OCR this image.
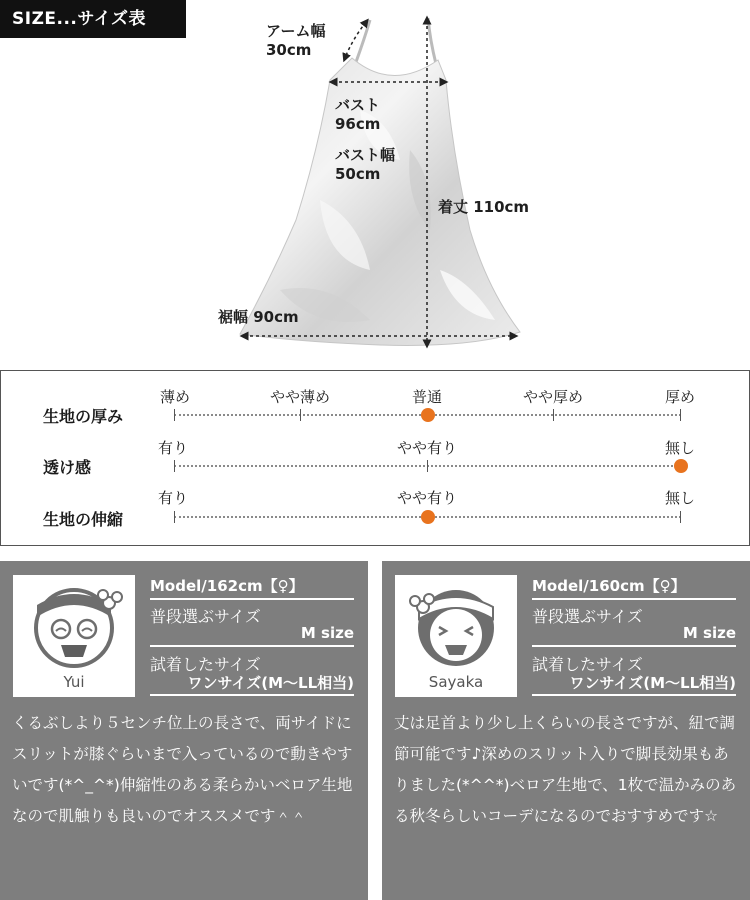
SIZE...サイズ表
アーム幅
30cm
バスト
96cm
バスト幅
50cm
着丈 110cm
裾幅 90cm
生地の厚み
薄め	やや薄め	普通	やや厚め	厚め
透け感
有り	やや有り	無し
生地の伸縮
有り	やや有り	無し
Yui
Model/162cm【♀】
普段選ぶサイズ
M size
試着したサイズ
ワンサイズ(M〜LL相当)
くるぶしより５センチ位上の長さで、両サイドにスリットが膝ぐらいまで入っているので動きやすいです(*^_^*)伸縮性のある柔らかいベロア生地なので肌触りも良いのでオススメです＾＾
Sayaka
Model/160cm【♀】
普段選ぶサイズ
M size
試着したサイズ
ワンサイズ(M〜LL相当)
丈は足首より少し上くらいの長さですが、紐で調節可能です♪深めのスリット入りで脚長効果もありました(*^^*)ベロア生地で、1枚で温かみのある秋冬らしいコーデになるのでおすすめです☆
